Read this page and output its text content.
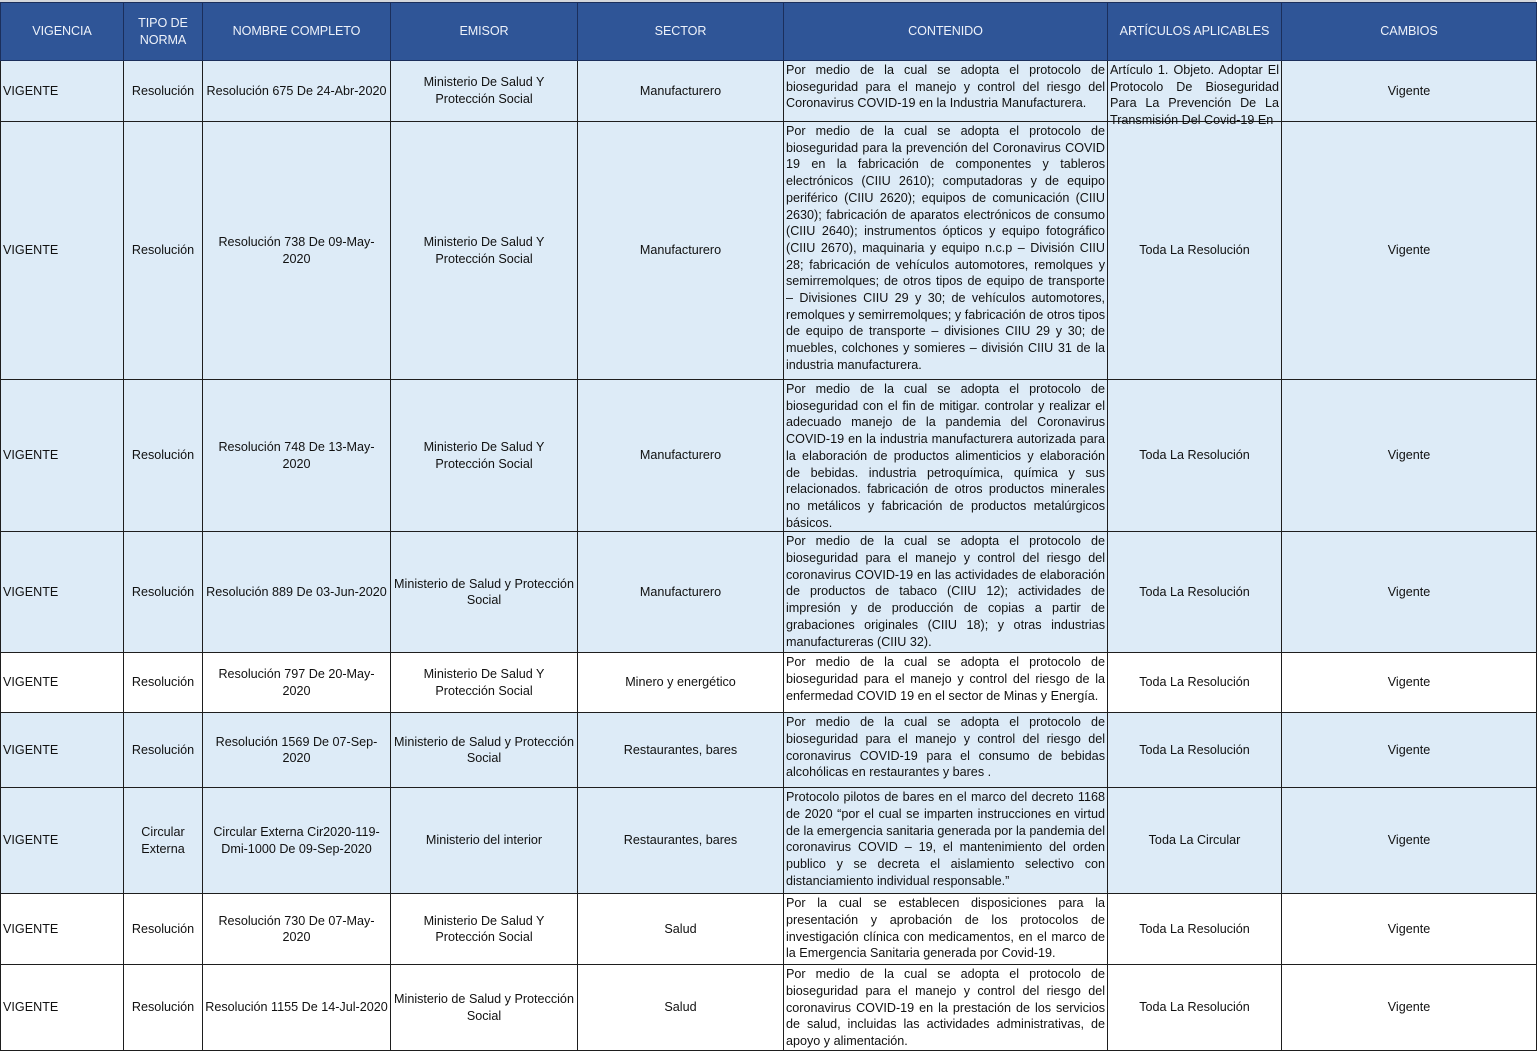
VIGENCIA	TIPO DE NORMA	NOMBRE COMPLETO	EMISOR	SECTOR	CONTENIDO	ARTÍCULOS APLICABLES	CAMBIOS
VIGENTE	Resolución	Resolución 675 De 24-Abr-2020	Ministerio De Salud Y Protección Social	Manufacturero	Por medio de la cual se adopta el protocolo de bioseguridad para el manejo y control del riesgo del Coronavirus COVID-19 en la Industria Manufacturera.	Artículo 1. Objeto. Adoptar El Protocolo De Bioseguridad Para La Prevención De La Transmisión Del Covid-19 En	Vigente
VIGENTE	Resolución	Resolución 738 De 09-May-2020	Ministerio De Salud Y Protección Social	Manufacturero	Por medio de la cual se adopta el protocolo de bioseguridad para la prevención del Coronavirus COVID 19 en la fabricación de componentes y tableros electrónicos (CIIU 2610); computadoras y de equipo periférico (CIIU 2620); equipos de comunicación (CIIU 2630); fabricación de aparatos electrónicos de consumo (CIIU 2640); instrumentos ópticos y equipo fotográfico (CIIU 2670), maquinaria y equipo n.c.p – División CIIU 28; fabricación de vehículos automotores, remolques y semirremolques; de otros tipos de equipo de transporte – Divisiones CIIU 29 y 30; de vehículos automotores, remolques y semirremolques; y fabricación de otros tipos de equipo de transporte – divisiones CIIU 29 y 30; de muebles, colchones y somieres – división CIIU 31 de la industria manufacturera.	Toda La Resolución	Vigente
VIGENTE	Resolución	Resolución 748 De 13-May-2020	Ministerio De Salud Y Protección Social	Manufacturero	Por medio de la cual se adopta el protocolo de bioseguridad con el fin de mitigar. controlar y realizar el adecuado manejo de la pandemia del Coronavirus COVID-19 en la industria manufacturera autorizada para la elaboración de productos alimenticios y elaboración de bebidas. industria petroquímica, química y sus relacionados. fabricación de otros productos minerales no metálicos y fabricación de productos metalúrgicos básicos.	Toda La Resolución	Vigente
VIGENTE	Resolución	Resolución 889 De 03-Jun-2020	Ministerio de Salud y Protección Social	Manufacturero	Por medio de la cual se adopta el protocolo de bioseguridad para el manejo y control del riesgo del coronavirus COVID-19 en las actividades de elaboración de productos de tabaco (CIIU 12); actividades de impresión y de producción de copias a partir de grabaciones originales (CIIU 18); y otras industrias manufactureras (CIIU 32).	Toda La Resolución	Vigente
VIGENTE	Resolución	Resolución 797 De 20-May-2020	Ministerio De Salud Y Protección Social	Minero y energético	Por medio de la cual se adopta el protocolo de bioseguridad para el manejo y control del riesgo de la enfermedad COVID 19 en el sector de Minas y Energía.	Toda La Resolución	Vigente
VIGENTE	Resolución	Resolución 1569 De 07-Sep-2020	Ministerio de Salud y Protección Social	Restaurantes, bares	Por medio de la cual se adopta el protocolo de bioseguridad para el manejo y control del riesgo del coronavirus COVID-19 para el consumo de bebidas alcohólicas en restaurantes y bares .	Toda La Resolución	Vigente
VIGENTE	Circular Externa	Circular Externa Cir2020-119-Dmi-1000 De 09-Sep-2020	Ministerio del interior	Restaurantes, bares	Protocolo pilotos de bares en el marco del decreto 1168 de 2020 “por el cual se imparten instrucciones en virtud de la emergencia sanitaria generada por la pandemia del coronavirus COVID – 19, el mantenimiento del orden publico y se decreta el aislamiento selectivo con distanciamiento individual responsable.”	Toda La Circular	Vigente
VIGENTE	Resolución	Resolución 730 De 07-May-2020	Ministerio De Salud Y Protección Social	Salud	Por la cual se establecen disposiciones para la presentación y aprobación de los protocolos de investigación clínica con medicamentos, en el marco de la Emergencia Sanitaria generada por Covid-19.	Toda La Resolución	Vigente
VIGENTE	Resolución	Resolución 1155 De 14-Jul-2020	Ministerio de Salud y Protección Social	Salud	Por medio de la cual se adopta el protocolo de bioseguridad para el manejo y control del riesgo del coronavirus COVID-19 en la prestación de los servicios de salud, incluidas las actividades administrativas, de apoyo y alimentación.	Toda La Resolución	Vigente
